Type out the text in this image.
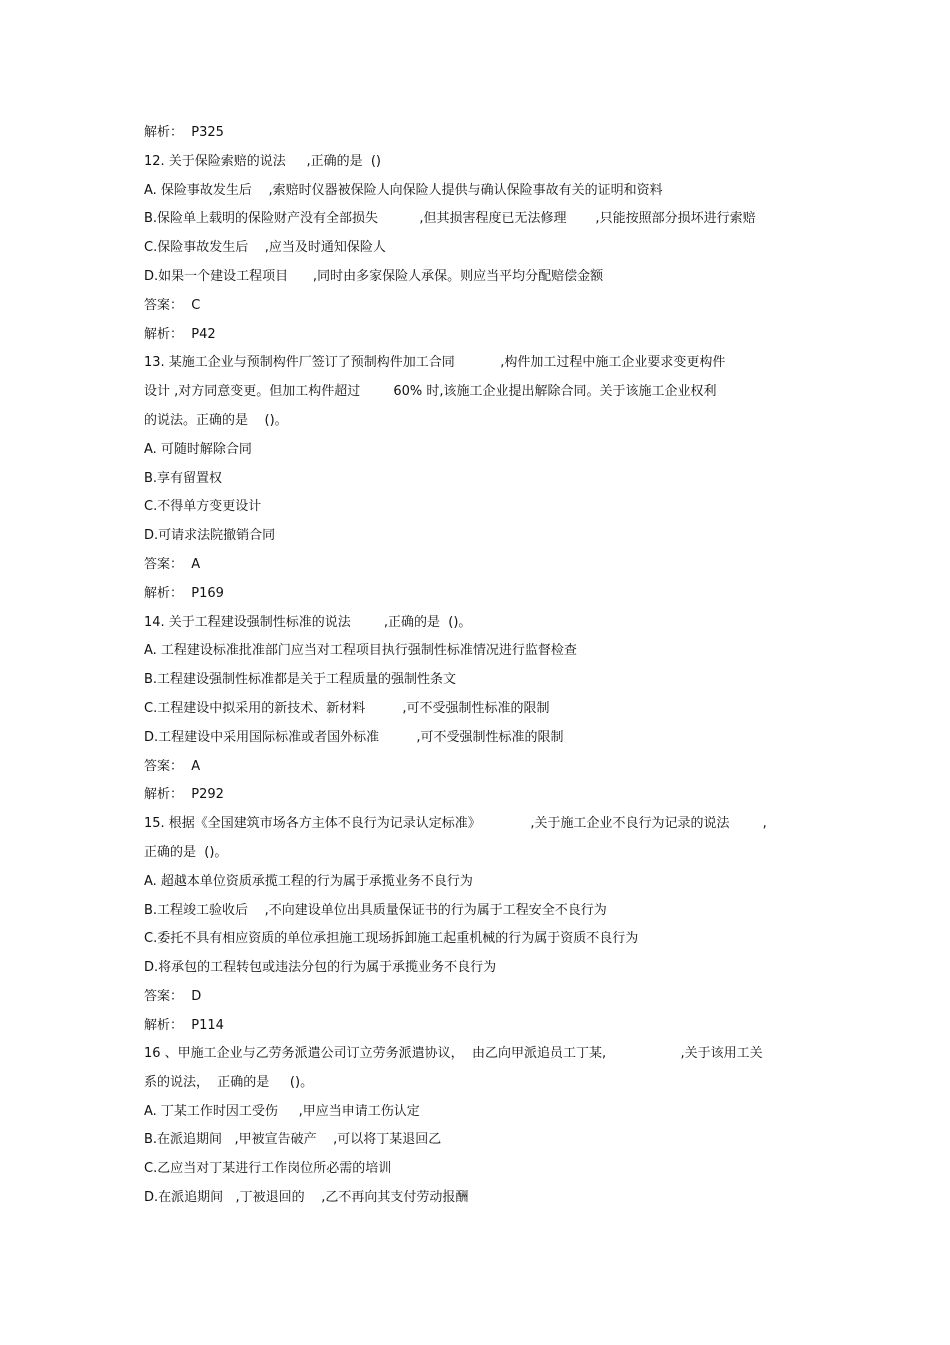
解析：  P325
12. 关于保险索赔的说法     ,正确的是  ()
A. 保险事故发生后    ,索赔时仪器被保险人向保险人提供与确认保险事故有关的证明和资料
B.保险单上载明的保险财产没有全部损失          ,但其损害程度已无法修理       ,只能按照部分损坏进行索赔
C.保险事故发生后    ,应当及时通知保险人
D.如果一个建设工程项目      ,同时由多家保险人承保。则应当平均分配赔偿金额
答案：  C
解析：  P42
13. 某施工企业与预制构件厂签订了预制构件加工合同           ,构件加工过程中施工企业要求变更构件
设计 ,对方同意变更。但加工构件超过        60% 时,该施工企业提出解除合同。关于该施工企业权利
的说法。正确的是    ()。
A. 可随时解除合同
B.享有留置权
C.不得单方变更设计
D.可请求法院撤销合同
答案：  A
解析：  P169
14. 关于工程建设强制性标准的说法        ,正确的是  ()。
A. 工程建设标准批准部门应当对工程项目执行强制性标准情况进行监督检查
B.工程建设强制性标准都是关于工程质量的强制性条文
C.工程建设中拟采用的新技术、新材料         ,可不受强制性标准的限制
D.工程建设中采用国际标准或者国外标准         ,可不受强制性标准的限制
答案：  A
解析：  P292
15. 根据《全国建筑市场各方主体不良行为记录认定标准》            ,关于施工企业不良行为记录的说法        ,
正确的是  ()。
A. 超越本单位资质承揽工程的行为属于承揽业务不良行为
B.工程竣工验收后    ,不向建设单位出具质量保证书的行为属于工程安全不良行为
C.委托不具有相应资质的单位承担施工现场拆卸施工起重机械的行为属于资质不良行为
D.将承包的工程转包或违法分包的行为属于承揽业务不良行为
答案：  D
解析：  P114
16 、甲施工企业与乙劳务派遣公司订立劳务派遣协议，  由乙向甲派追员工丁某,                  ,关于该用工关
系的说法，  正确的是     ()。
A. 丁某工作时因工受伤     ,甲应当申请工伤认定
B.在派追期间   ,甲被宣告破产    ,可以将丁某退回乙
C.乙应当对丁某进行工作岗位所必需的培训
D.在派追期间   ,丁被退回的    ,乙不再向其支付劳动报酬
